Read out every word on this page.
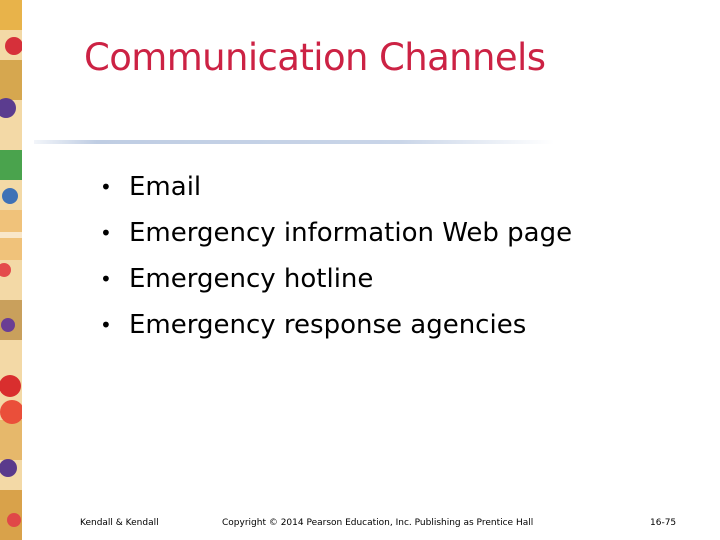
Communication Channels
• Email
• Emergency information Web page
• Emergency hotline
• Emergency response agencies
Kendall & Kendall	Copyright © 2014 Pearson Education, Inc. Publishing as Prentice Hall	16-75
